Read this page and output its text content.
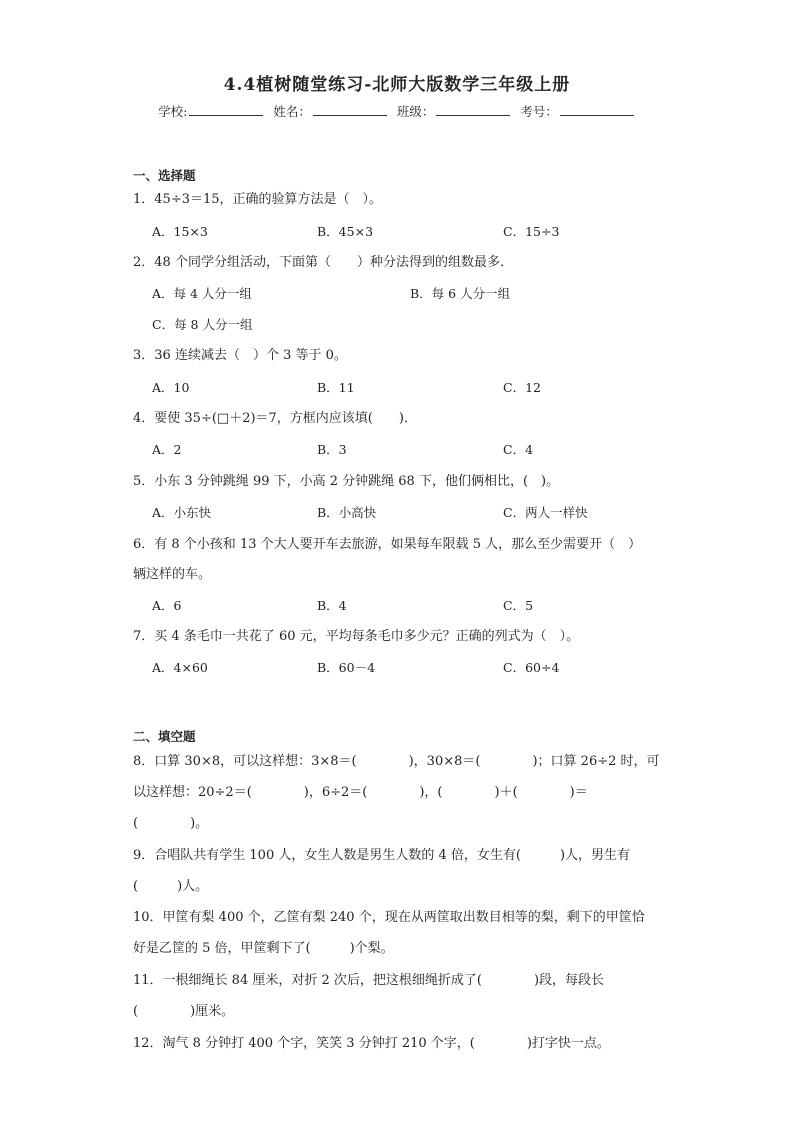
4.4植树随堂练习-北师大版数学三年级上册
学校:	姓名：	班级：	考号：
一、选择题
1．45÷3＝15，正确的验算方法是（　）。
A．15×3	B．45×3	C．15÷3
2．48 个同学分组活动，下面第（　　）种分法得到的组数最多．
A．每 4 人分一组	B．每 6 人分一组
C．每 8 人分一组
3．36 连续减去（　）个 3 等于 0。
A．10	B．11	C．12
4．要使 35÷(□＋2)＝7，方框内应该填(　　)．
A．2	B．3	C．4
5．小东 3 分钟跳绳 99 下，小高 2 分钟跳绳 68 下，他们俩相比，(　)。
A．小东快	B．小高快	C．两人一样快
6．有 8 个小孩和 13 个大人要开车去旅游，如果每车限载 5 人，那么至少需要开（　）
辆这样的车。
A．6	B．4	C．5
7．买 4 条毛巾一共花了 60 元，平均每条毛巾多少元？正确的列式为（　）。
A．4×60	B．60－4	C．60÷4
二、填空题
8．口算 30×8，可以这样想：3×8＝(　　　　)，30×8＝(　　　　)；口算 26÷2 时，可
以这样想：20÷2＝(　　　　)，6÷2＝(　　　　)，(　　　　)＋(　　　　)＝
(　　　　)。
9．合唱队共有学生 100 人，女生人数是男生人数的 4 倍，女生有(　　　)人，男生有
(　　　)人。
10．甲筐有梨 400 个，乙筐有梨 240 个，现在从两筐取出数目相等的梨，剩下的甲筐恰
好是乙筐的 5 倍，甲筐剩下了(　　　)个梨。
11．一根细绳长 84 厘米，对折 2 次后，把这根细绳折成了(　　　　)段，每段长
(　　　　)厘米。
12．淘气 8 分钟打 400 个字，笑笑 3 分钟打 210 个字，(　　　　)打字快一点。
